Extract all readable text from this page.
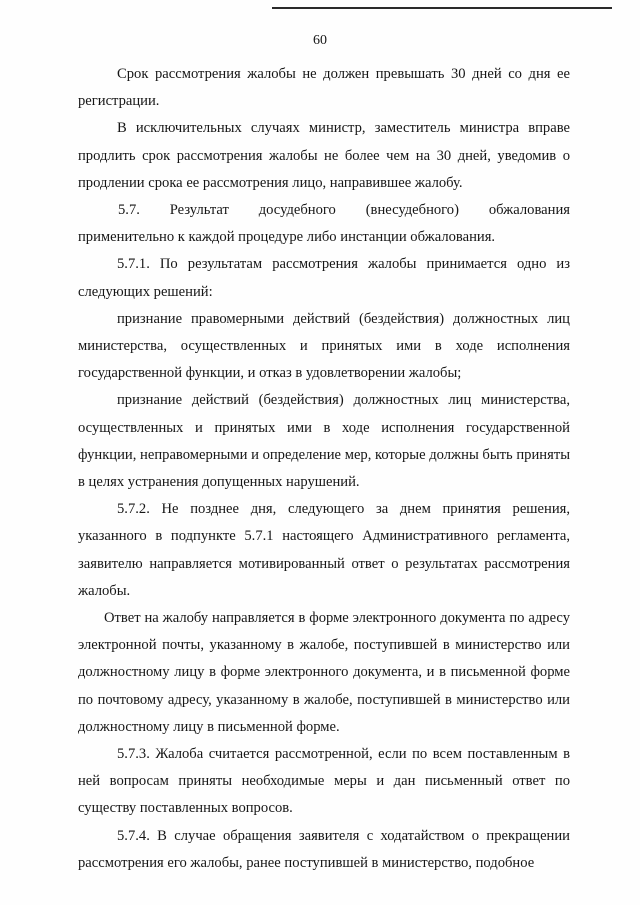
60

Срок рассмотрения жалобы не должен превышать 30 дней со дня ее регистрации.

В исключительных случаях министр, заместитель министра вправе продлить срок рассмотрения жалобы не более чем на 30 дней, уведомив о продлении срока ее рассмотрения лицо, направившее жалобу.

5.7. Результат досудебного (внесудебного) обжалования

применительно к каждой процедуре либо инстанции обжалования.

5.7.1. По результатам рассмотрения жалобы принимается одно из следующих решений:

признание правомерными действий (бездействия) должностных лиц министерства, осуществленных и принятых ими в ходе исполнения государственной функции, и отказ в удовлетворении жалобы;

признание действий (бездействия) должностных лиц министерства, осуществленных и принятых ими в ходе исполнения государственной функции, неправомерными и определение мер, которые должны быть приняты в целях устранения допущенных нарушений.

5.7.2. Не позднее дня, следующего за днем принятия решения, указанного в подпункте 5.7.1 настоящего Административного регламента, заявителю направляется мотивированный ответ о результатах рассмотрения жалобы.

Ответ на жалобу направляется в форме электронного документа по адресу электронной почты, указанному в жалобе, поступившей в министерство или должностному лицу в форме электронного документа, и в письменной форме по почтовому адресу, указанному в жалобе, поступившей в министерство или должностному лицу в письменной форме.

5.7.3. Жалоба считается рассмотренной, если по всем поставленным в ней вопросам приняты необходимые меры и дан письменный ответ по существу поставленных вопросов.

5.7.4. В случае обращения заявителя с ходатайством о прекращении рассмотрения его жалобы, ранее поступившей в министерство, подобное
